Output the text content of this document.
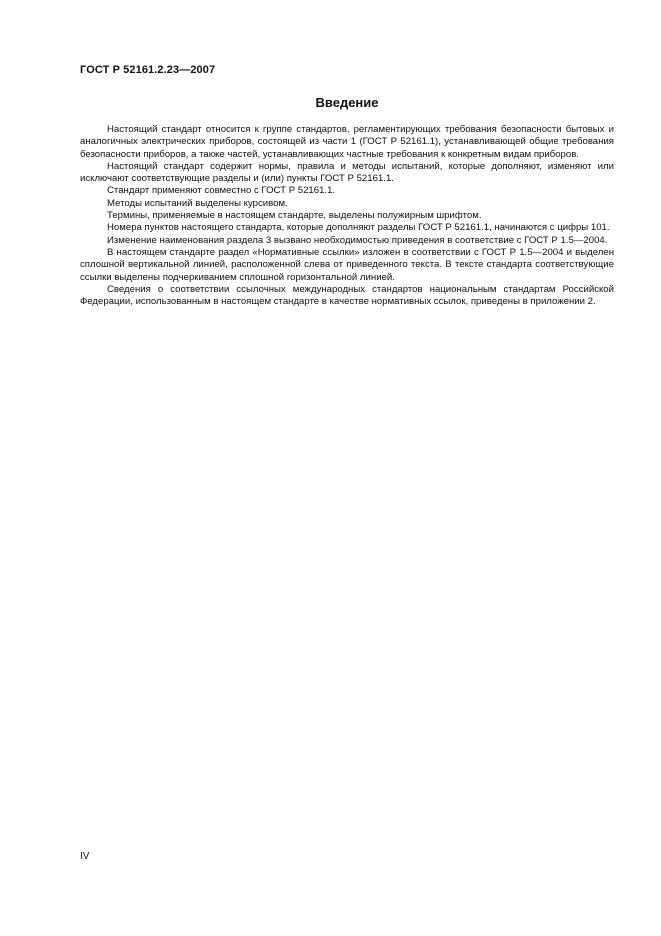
ГОСТ Р 52161.2.23—2007
Введение

Настоящий стандарт относится к группе стандартов, регламентирующих требования безопасности бытовых и аналогичных электрических приборов, состоящей из части 1 (ГОСТ Р 52161.1), устанавливающей общие требования безопасности приборов, а также частей, устанавливающих частные требования к конкретным видам приборов.

Настоящий стандарт содержит нормы, правила и методы испытаний, которые дополняют, изменяют или исключают соответствующие разделы и (или) пункты ГОСТ Р 52161.1.

Стандарт применяют совместно с ГОСТ Р 52161.1.

Методы испытаний выделены курсивом.

Термины, применяемые в настоящем стандарте, выделены полужирным шрифтом.

Номера пунктов настоящего стандарта, которые дополняют разделы ГОСТ Р 52161.1, начинаются с цифры 101.

Изменение наименования раздела 3 вызвано необходимостью приведения в соответствие с ГОСТ Р 1.5—2004.

В настоящем стандарте раздел «Нормативные ссылки» изложен в соответствии с ГОСТ Р 1.5—2004 и выделен сплошной вертикальной линией, расположенной слева от приведенного текста. В тексте стандарта соответствующие ссылки выделены подчеркиванием сплошной горизонтальной линией.

Сведения о соответствии ссылочных международных стандартов национальным стандартам Российской Федерации, использованным в настоящем стандарте в качестве нормативных ссылок, приведены в приложении 2.

IV
